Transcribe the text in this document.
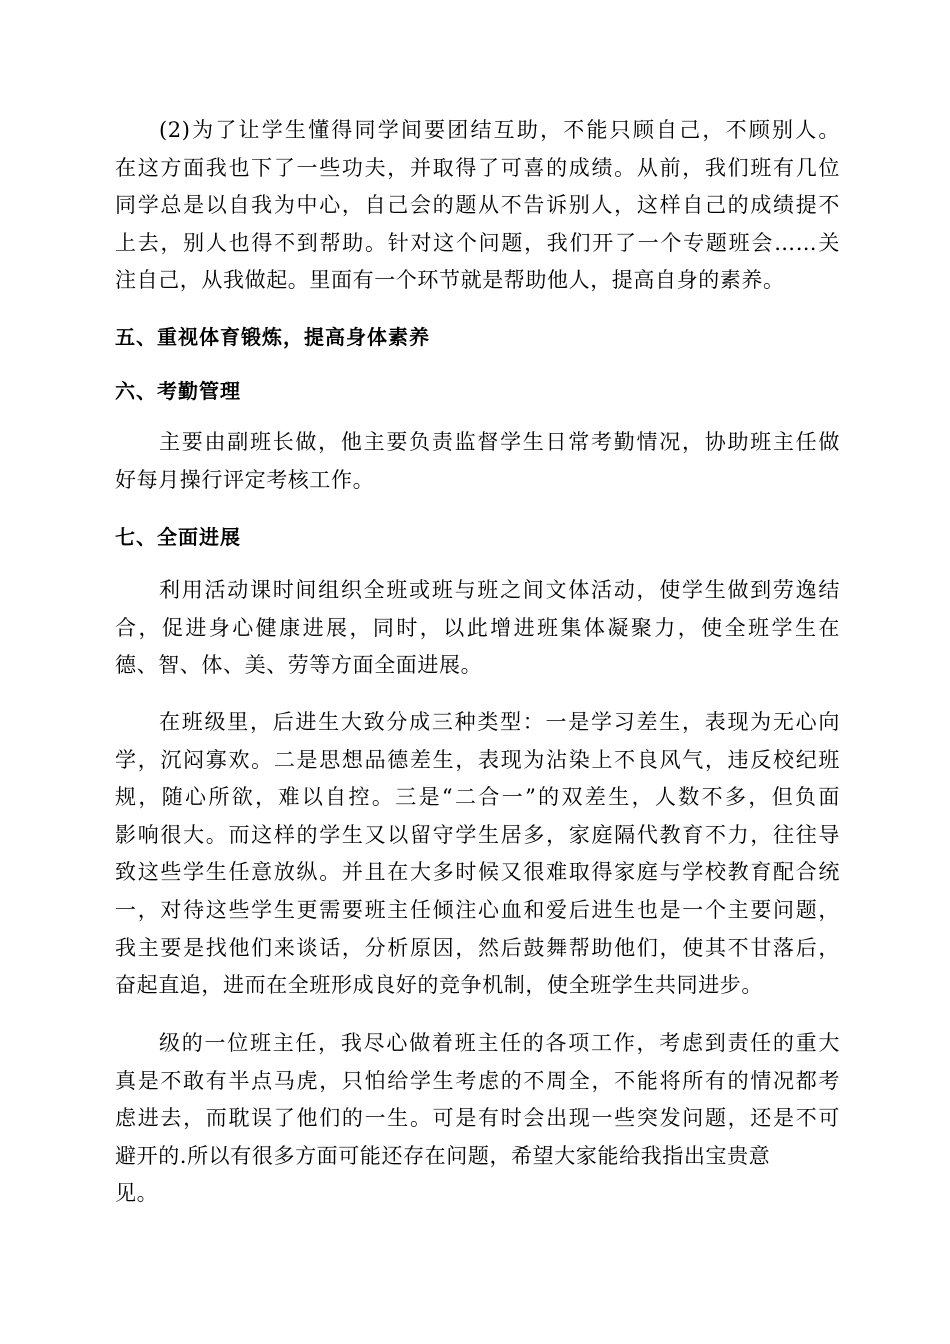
(2)为了让学生懂得同学间要团结互助，不能只顾自己，不顾别人。
在这方面我也下了一些功夫，并取得了可喜的成绩。从前，我们班有几位
同学总是以自我为中心，自己会的题从不告诉别人，这样自己的成绩提不
上去，别人也得不到帮助。针对这个问题，我们开了一个专题班会……关
注自己，从我做起。里面有一个环节就是帮助他人，提高自身的素养。
五、重视体育锻炼，提高身体素养
六、考勤管理
主要由副班长做，他主要负责监督学生日常考勤情况，协助班主任做
好每月操行评定考核工作。
七、全面进展
利用活动课时间组织全班或班与班之间文体活动，使学生做到劳逸结
合，促进身心健康进展，同时，以此增进班集体凝聚力，使全班学生在
德、智、体、美、劳等方面全面进展。
在班级里，后进生大致分成三种类型：一是学习差生，表现为无心向
学，沉闷寡欢。二是思想品德差生，表现为沾染上不良风气，违反校纪班
规，随心所欲，难以自控。三是“二合一”的双差生，人数不多，但负面
影响很大。而这样的学生又以留守学生居多，家庭隔代教育不力，往往导
致这些学生任意放纵。并且在大多时候又很难取得家庭与学校教育配合统
一，对待这些学生更需要班主任倾注心血和爱后进生也是一个主要问题，
我主要是找他们来谈话，分析原因，然后鼓舞帮助他们，使其不甘落后，
奋起直追，进而在全班形成良好的竞争机制，使全班学生共同进步。
级的一位班主任，我尽心做着班主任的各项工作，考虑到责任的重大
真是不敢有半点马虎，只怕给学生考虑的不周全，不能将所有的情况都考
虑进去，而耽误了他们的一生。可是有时会出现一些突发问题，还是不可
避开的.所以有很多方面可能还存在问题，希望大家能给我指出宝贵意
见。
